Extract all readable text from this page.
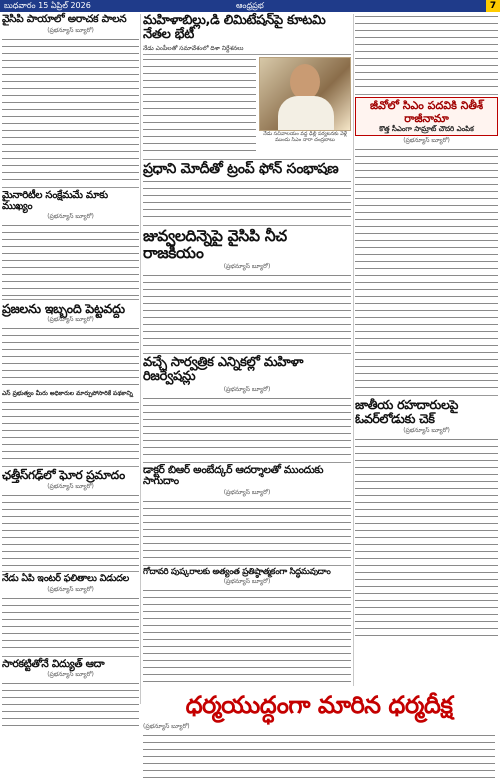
బుధవారం 15 ఏప్రిల్ 2026	ఆంధ్రప్రభ	7
వైసిపి పాయాలో అరాచక పాలన
(ప్రభన్యూస్ బ్యూరో)
మైనారిటీల సంక్షేమమే మాకు ముఖ్యం
(ప్రభన్యూస్ బ్యూరో)
ప్రజలను ఇబ్బంది పెట్టవద్దు
(ప్రభన్యూస్ బ్యూరో)
ఎస్ ప్రభుత్వం మీరు అధికారుల మార్పుపోసారికే పథకాన్ని
ఛత్తీస్‌గఢ్‌లో ఘోర ప్రమాదం
(ప్రభన్యూస్ బ్యూరో)
నేడు ఏపి ఇంటర్ ఫలితాలు విడుదల
(ప్రభన్యూస్ బ్యూరో)
సారకట్టితోనే విద్యుత్ ఆదా
(ప్రభన్యూస్ బ్యూరో)
మహిళాబిల్లు,డి లిమిటేషన్‌పై కూటమి నేతల భేటీ
నేడు ఎంపీలతో సమావేశంలో దిశా నిర్దేశనలు
నేడు సచివాలయం వద్ద ఢిల్లీ పర్యటనకు వెళ్లే ముందు సిఎం నారా చంద్రబాబు
ప్రధాని మోదీతో ట్రంప్ ఫోన్ సంభాషణ
జువ్వలదిన్నెపై వైసిపి నీచ రాజకీయం
(ప్రభన్యూస్ బ్యూరో)
వచ్చే సార్వత్రిక ఎన్నికల్లో మహిళా రిజర్వేషన్లు
(ప్రభన్యూస్ బ్యూరో)
డాక్టర్ బిఆర్ అంబేద్కర్ ఆదర్శాలతో ముందుకు సాగుదాం
(ప్రభన్యూస్ బ్యూరో)
గోదావరి పుష్కరాలకు అత్యంత ప్రతిష్ఠాత్మకంగా సిద్ధమవుదాం
(ప్రభన్యూస్ బ్యూరో)
జీవోలో సిఎం పదవికి నితీశ్ రాజీనామా
కొత్త సీఎంగా సామ్రాట్ చౌదరి ఎంపిక
(ప్రభన్యూస్ బ్యూరో)
జాతీయ రహదారులపై ఓవర్‌లోడుకు చెక్
(ప్రభన్యూస్ బ్యూరో)
ధర్మయుద్ధంగా మారిన ధర్మదీక్ష
(ప్రభన్యూస్ బ్యూరో)
